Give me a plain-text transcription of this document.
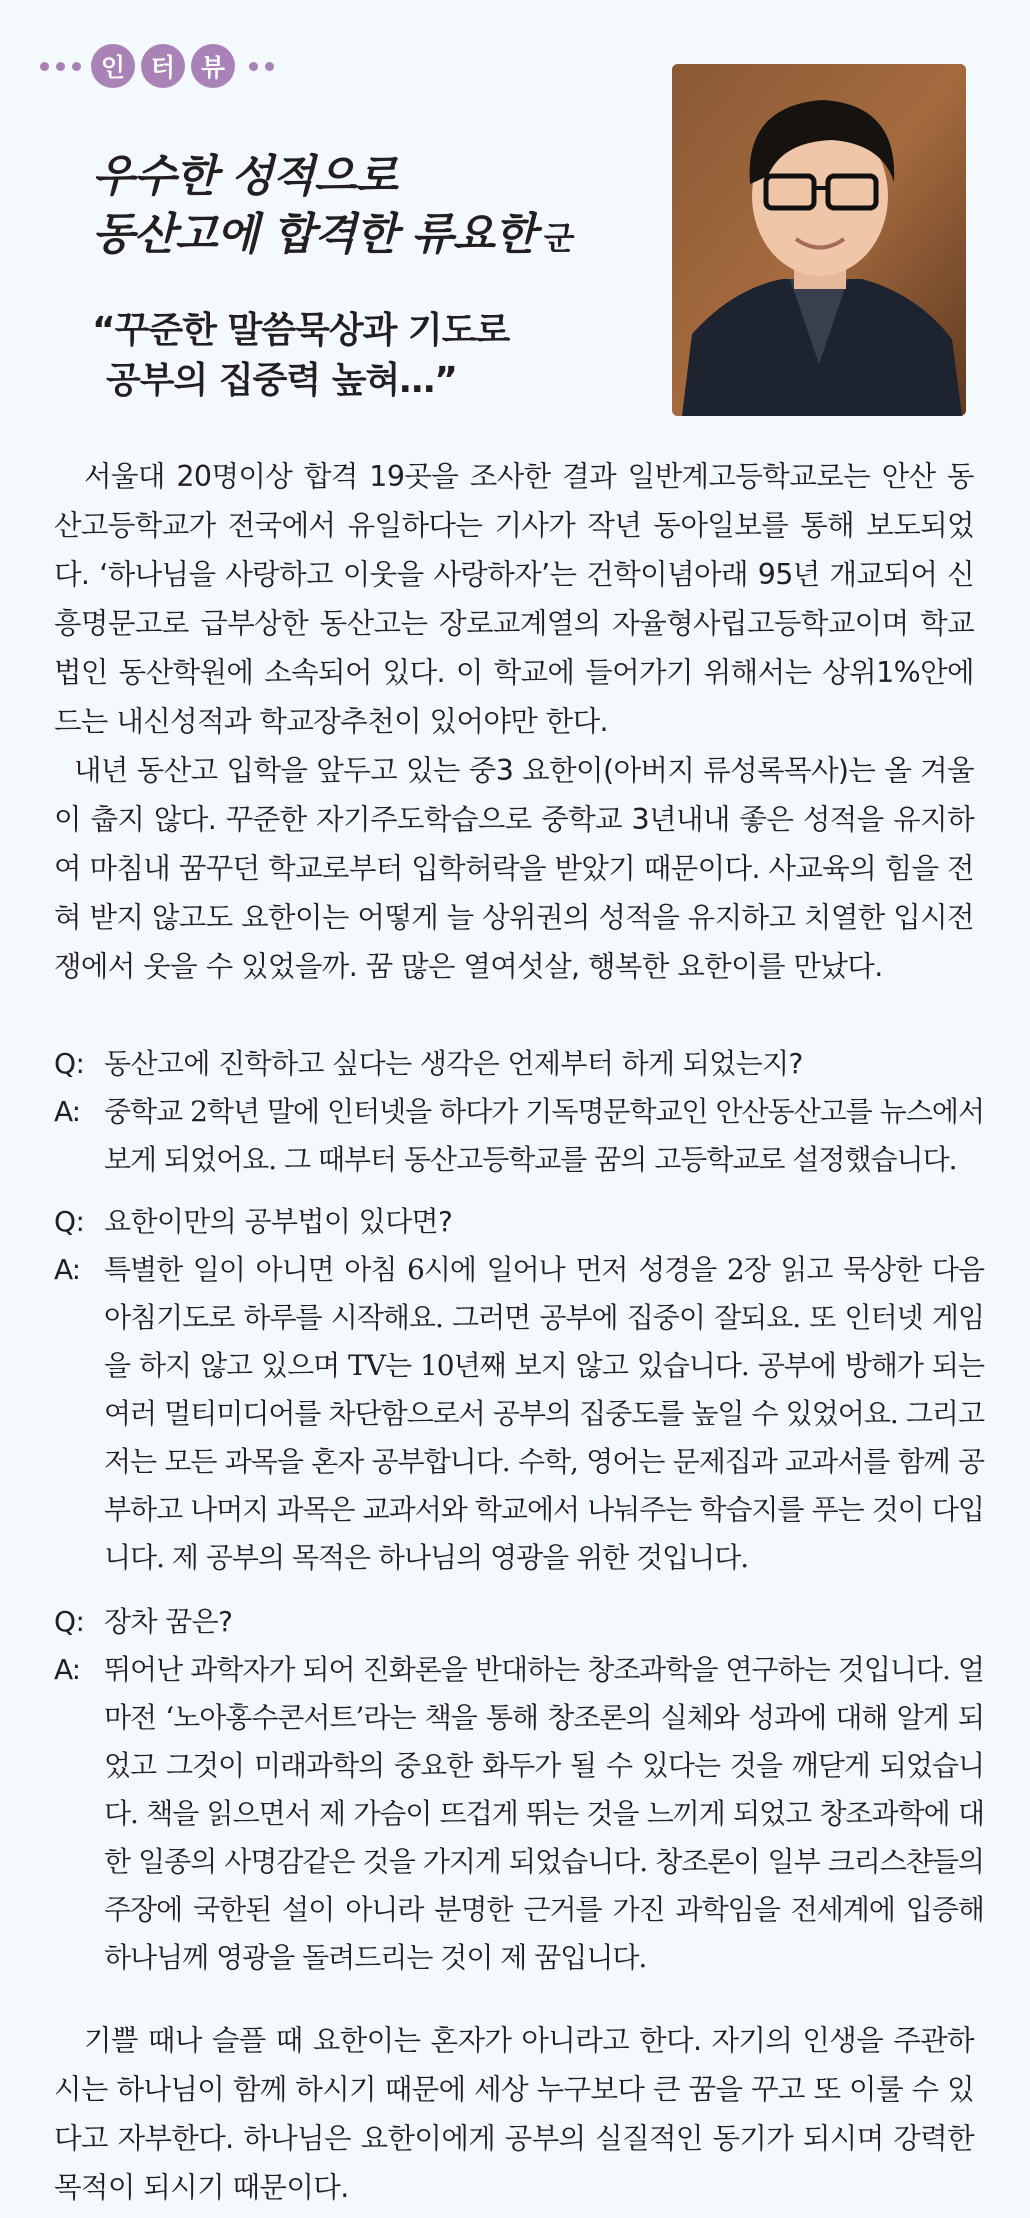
인	터	뷰
우수한 성적으로
동산고에 합격한 류요한 군
“꾸준한 말씀묵상과 기도로
공부의 집중력 높혀…”

서울대 20명이상 합격 19곳을 조사한 결과 일반계고등학교로는 안산 동산고등학교가 전국에서 유일하다는 기사가 작년 동아일보를 통해 보도되었다. ‘하나님을 사랑하고 이웃을 사랑하자’는 건학이념아래 95년 개교되어 신흥명문고로 급부상한 동산고는 장로교계열의 자율형사립고등학교이며 학교법인 동산학원에 소속되어 있다. 이 학교에 들어가기 위해서는 상위1%안에 드는 내신성적과 학교장추천이 있어야만 한다.

내년 동산고 입학을 앞두고 있는 중3 요한이(아버지 류성록목사)는 올 겨울이 춥지 않다. 꾸준한 자기주도학습으로 중학교 3년내내 좋은 성적을 유지하여 마침내 꿈꾸던 학교로부터 입학허락을 받았기 때문이다. 사교육의 힘을 전혀 받지 않고도 요한이는 어떻게 늘 상위권의 성적을 유지하고 치열한 입시전쟁에서 웃을 수 있었을까. 꿈 많은 열여섯살, 행복한 요한이를 만났다.

Q: 동산고에 진학하고 싶다는 생각은 언제부터 하게 되었는지?
A: 중학교 2학년 말에 인터넷을 하다가 기독명문학교인 안산동산고를 뉴스에서 보게 되었어요. 그 때부터 동산고등학교를 꿈의 고등학교로 설정했습니다.
Q: 요한이만의 공부법이 있다면?
A: 특별한 일이 아니면 아침 6시에 일어나 먼저 성경을 2장 읽고 묵상한 다음 아침기도로 하루를 시작해요. 그러면 공부에 집중이 잘되요. 또 인터넷 게임을 하지 않고 있으며 TV는 10년째 보지 않고 있습니다. 공부에 방해가 되는 여러 멀티미디어를 차단함으로서 공부의 집중도를 높일 수 있었어요. 그리고 저는 모든 과목을 혼자 공부합니다. 수학, 영어는 문제집과 교과서를 함께 공부하고 나머지 과목은 교과서와 학교에서 나눠주는 학습지를 푸는 것이 다입니다. 제 공부의 목적은 하나님의 영광을 위한 것입니다.
Q: 장차 꿈은?
A: 뛰어난 과학자가 되어 진화론을 반대하는 창조과학을 연구하는 것입니다. 얼마전 ‘노아홍수콘서트’라는 책을 통해 창조론의 실체와 성과에 대해 알게 되었고 그것이 미래과학의 중요한 화두가 될 수 있다는 것을 깨닫게 되었습니다. 책을 읽으면서 제 가슴이 뜨겁게 뛰는 것을 느끼게 되었고 창조과학에 대한 일종의 사명감같은 것을 가지게 되었습니다. 창조론이 일부 크리스챤들의 주장에 국한된 설이 아니라 분명한 근거를 가진 과학임을 전세계에 입증해 하나님께 영광을 돌려드리는 것이 제 꿈입니다.
기쁠 때나 슬플 때 요한이는 혼자가 아니라고 한다. 자기의 인생을 주관하시는 하나님이 함께 하시기 때문에 세상 누구보다 큰 꿈을 꾸고 또 이룰 수 있다고 자부한다. 하나님은 요한이에게 공부의 실질적인 동기가 되시며 강력한 목적이 되시기 때문이다.
